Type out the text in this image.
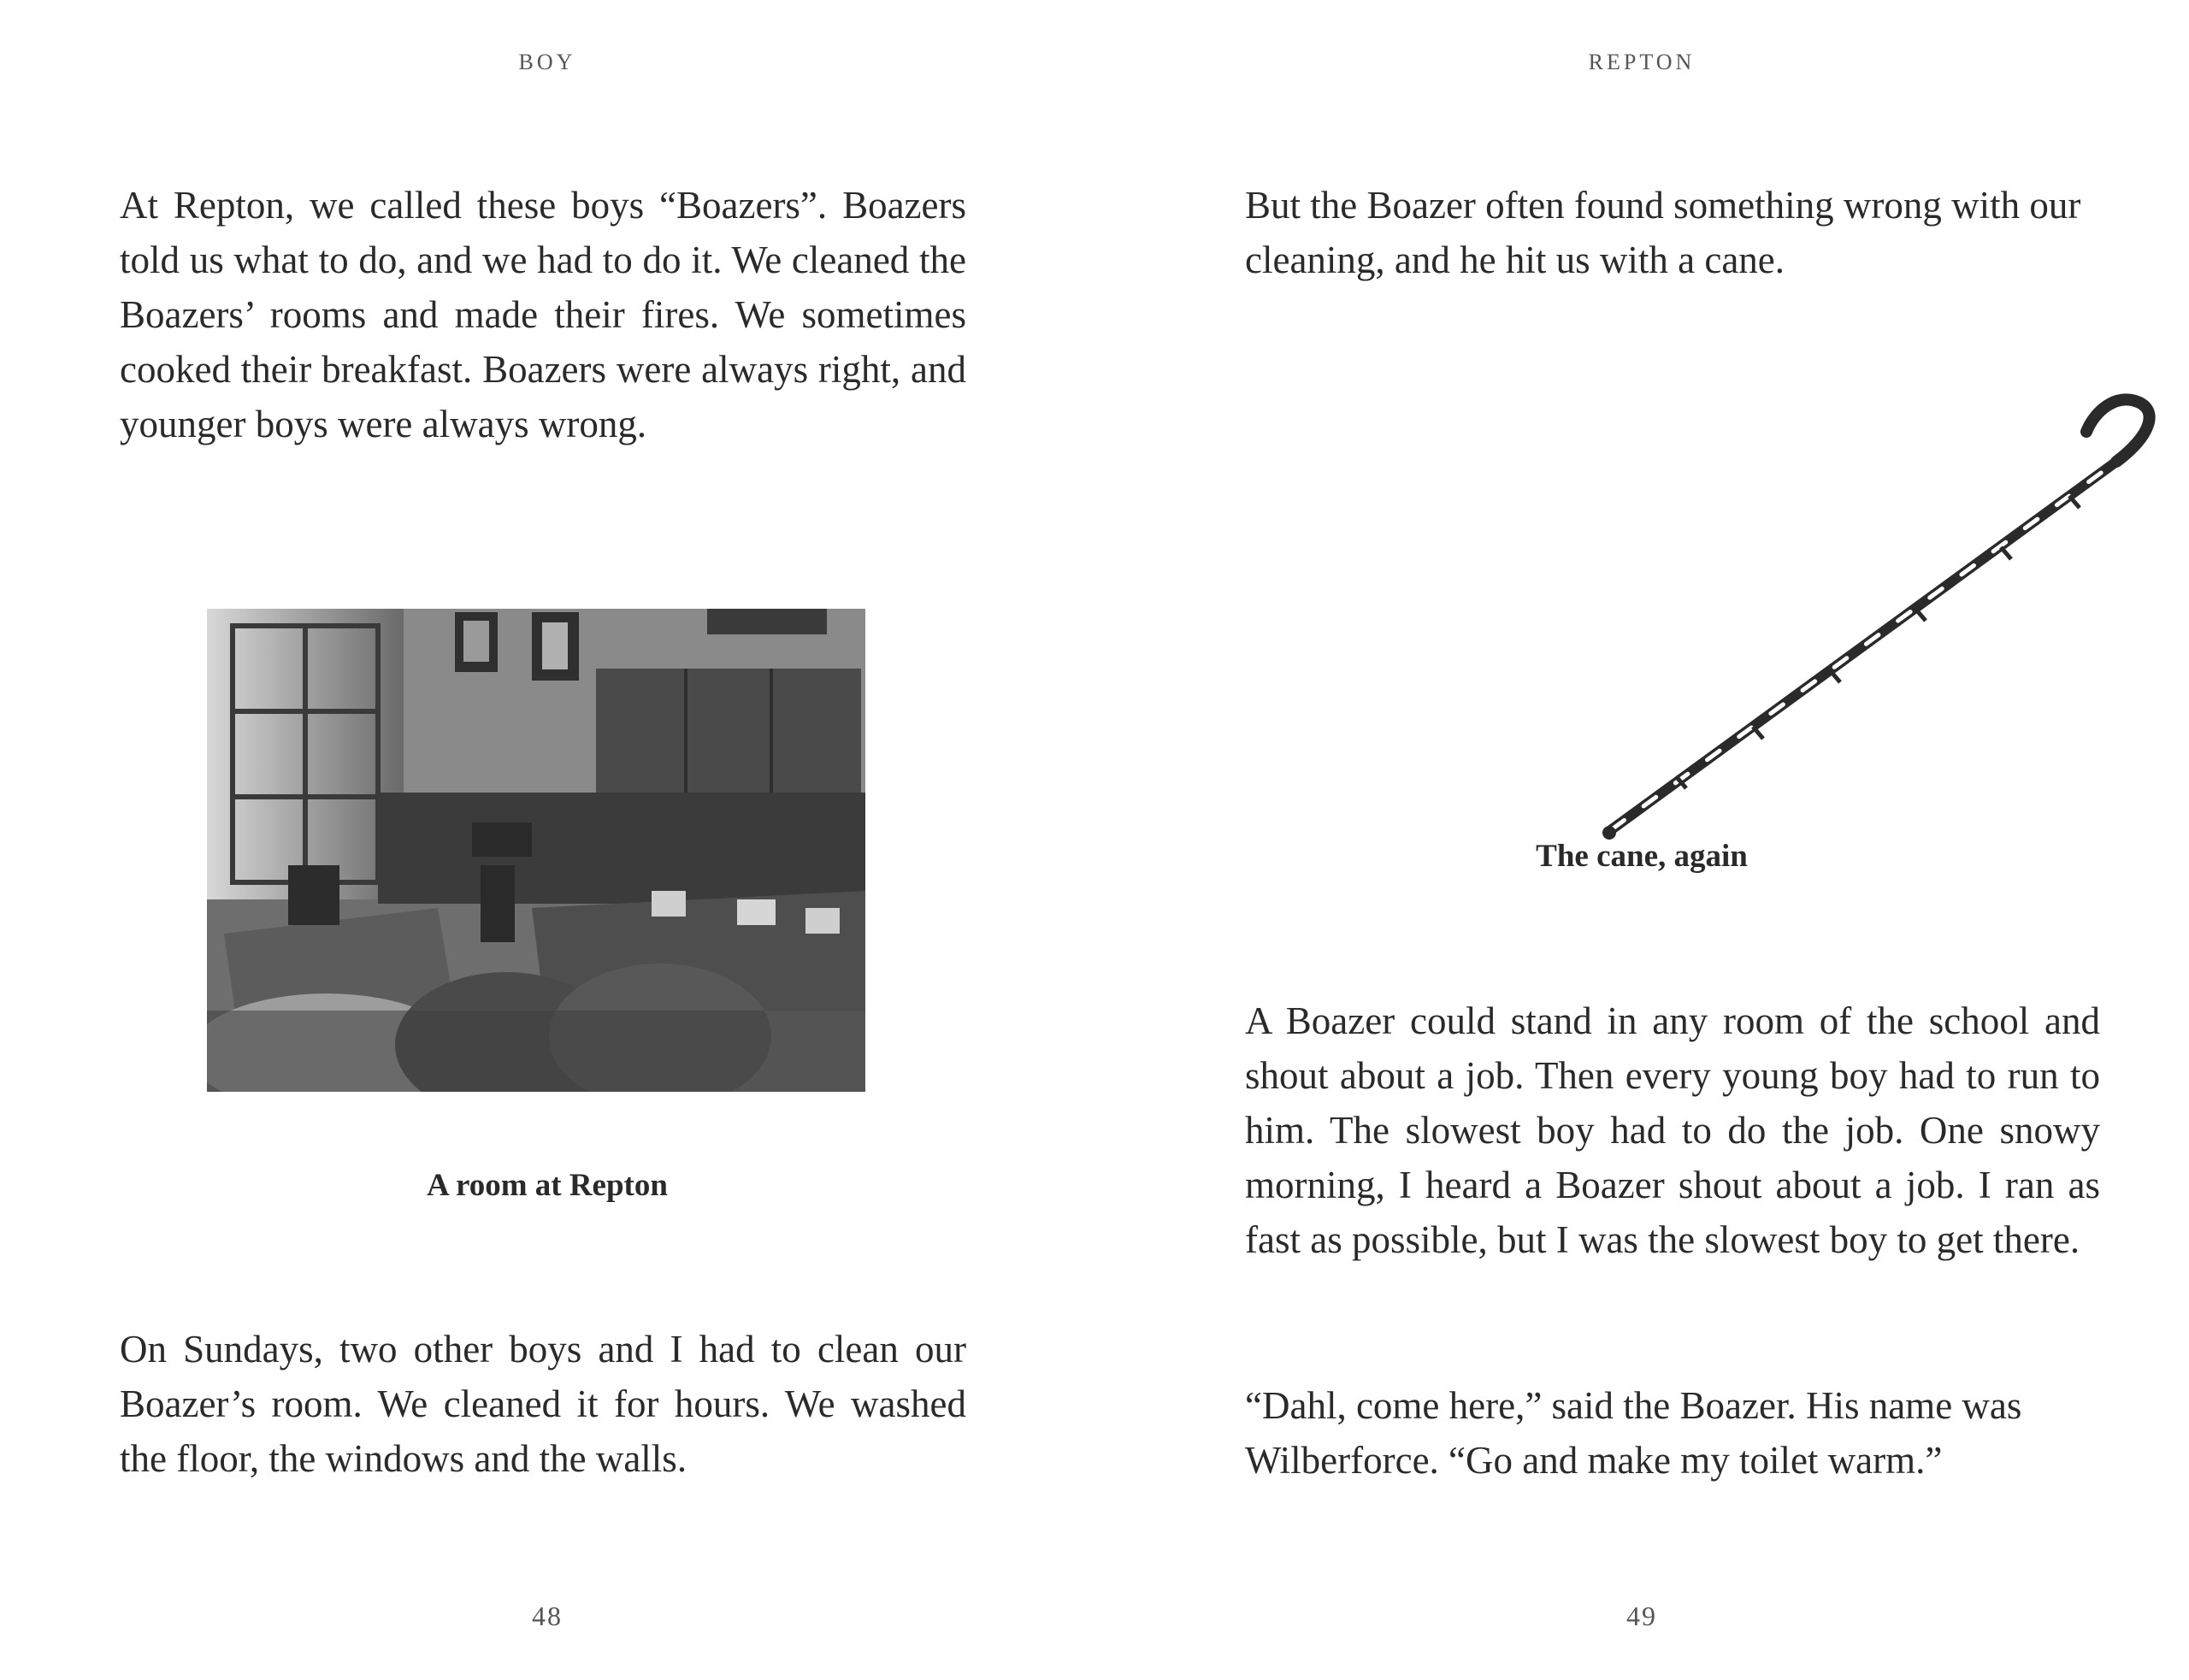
BOY

At Repton, we called these boys “Boazers”. Boazers told us what to do, and we had to do it. We cleaned the Boazers’ rooms and made their fires. We sometimes cooked their breakfast. Boazers were always right, and younger boys were always wrong.

A room at Repton

On Sundays, two other boys and I had to clean our Boazer’s room. We cleaned it for hours. We washed the floor, the windows and the walls.

48
REPTON

But the Boazer often found something wrong with our cleaning, and he hit us with a cane.

The cane, again

A Boazer could stand in any room of the school and shout about a job. Then every young boy had to run to him. The slowest boy had to do the job. One snowy morning, I heard a Boazer shout about a job. I ran as fast as possible, but I was the slowest boy to get there.

“Dahl, come here,” said the Boazer. His name was Wilberforce. “Go and make my toilet warm.”

49
